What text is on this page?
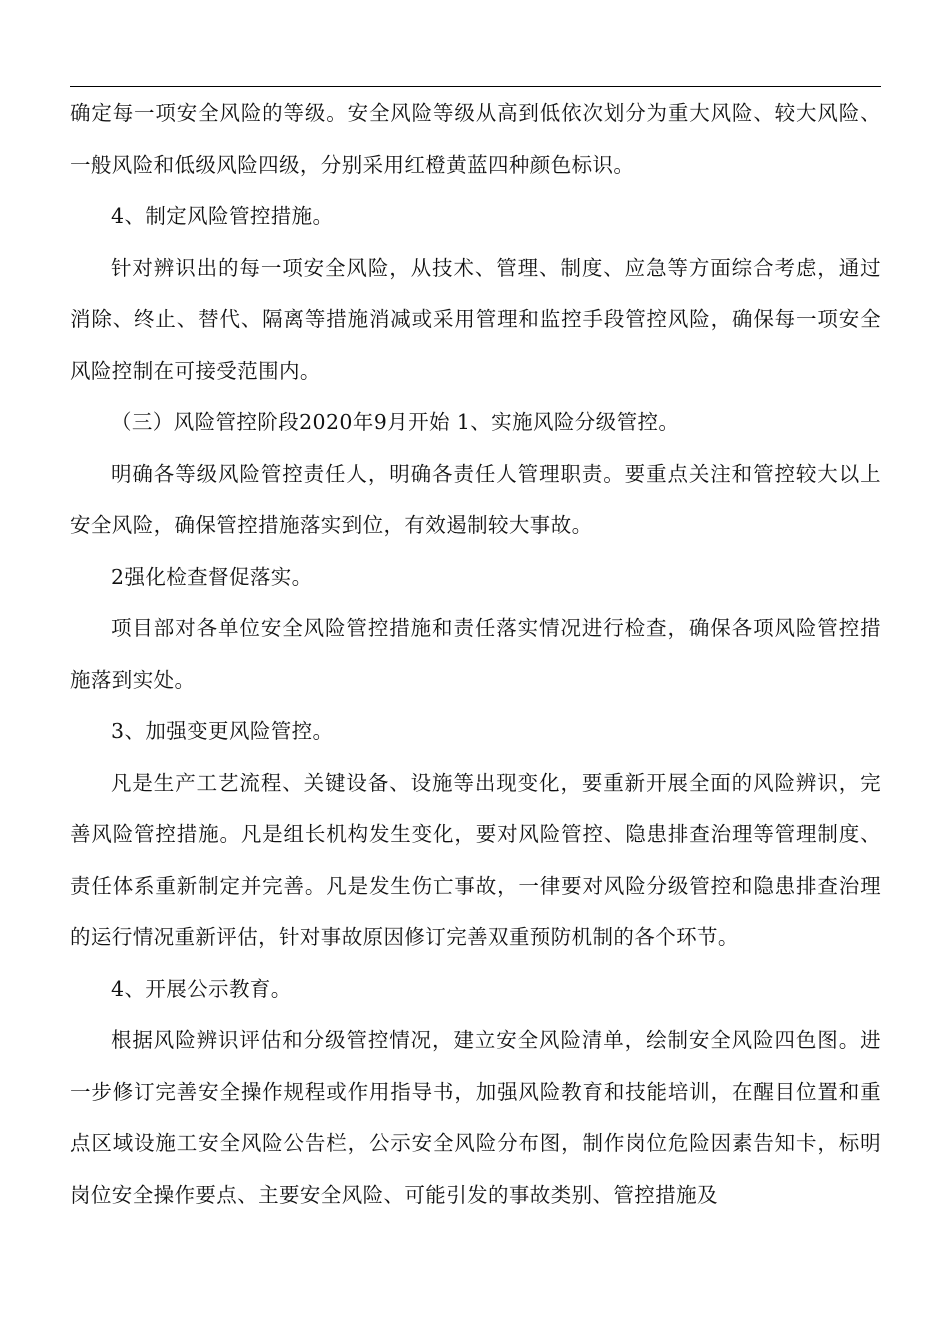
确定每一项安全风险的等级。安全风险等级从高到低依次划分为重大风险、较大风险、一般风险和低级风险四级，分别采用红橙黄蓝四种颜色标识。

4、制定风险管控措施。

针对辨识出的每一项安全风险，从技术、管理、制度、应急等方面综合考虑，通过消除、终止、替代、隔离等措施消减或采用管理和监控手段管控风险，确保每一项安全风险控制在可接受范围内。

（三）风险管控阶段2020年9月开始 1、实施风险分级管控。

明确各等级风险管控责任人，明确各责任人管理职责。要重点关注和管控较大以上安全风险，确保管控措施落实到位，有效遏制较大事故。

2强化检查督促落实。

项目部对各单位安全风险管控措施和责任落实情况进行检查，确保各项风险管控措施落到实处。

3、加强变更风险管控。

凡是生产工艺流程、关键设备、设施等出现变化，要重新开展全面的风险辨识，完善风险管控措施。凡是组长机构发生变化，要对风险管控、隐患排查治理等管理制度、责任体系重新制定并完善。凡是发生伤亡事故，一律要对风险分级管控和隐患排查治理的运行情况重新评估，针对事故原因修订完善双重预防机制的各个环节。

4、开展公示教育。

根据风险辨识评估和分级管控情况，建立安全风险清单，绘制安全风险四色图。进一步修订完善安全操作规程或作用指导书，加强风险教育和技能培训，在醒目位置和重点区域设施工安全风险公告栏，公示安全风险分布图，制作岗位危险因素告知卡，标明岗位安全操作要点、主要安全风险、可能引发的事故类别、管控措施及
